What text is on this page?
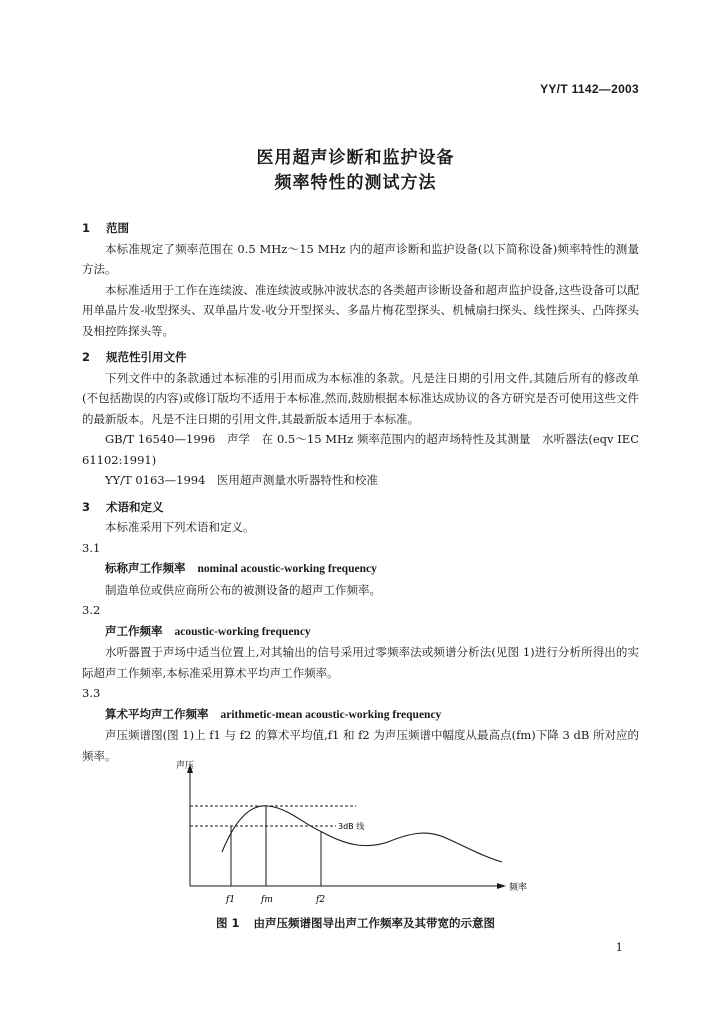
YY/T 1142—2003
医用超声诊断和监护设备
频率特性的测试方法
1 范围

本标准规定了频率范围在 0.5 MHz～15 MHz 内的超声诊断和监护设备(以下简称设备)频率特性的测量方法。

本标准适用于工作在连续波、准连续波或脉冲波状态的各类超声诊断设备和超声监护设备,这些设备可以配用单晶片发-收型探头、双单晶片发-收分开型探头、多晶片梅花型探头、机械扇扫探头、线性探头、凸阵探头及相控阵探头等。

2 规范性引用文件

下列文件中的条款通过本标准的引用而成为本标准的条款。凡是注日期的引用文件,其随后所有的修改单(不包括勘误的内容)或修订版均不适用于本标准,然而,鼓励根据本标准达成协议的各方研究是否可使用这些文件的最新版本。凡是不注日期的引用文件,其最新版本适用于本标准。

GB/T 16540—1996　声学　在 0.5～15 MHz 频率范围内的超声场特性及其测量　水听器法(eqv IEC 61102:1991)

YY/T 0163—1994　医用超声测量水听器特性和校准

3 术语和定义

本标准采用下列术语和定义。

3.1

标称声工作频率 nominal acoustic-working frequency

制造单位或供应商所公布的被测设备的超声工作频率。

3.2

声工作频率 acoustic-working frequency

水听器置于声场中适当位置上,对其输出的信号采用过零频率法或频谱分析法(见图 1)进行分析所得出的实际超声工作频率,本标准采用算术平均声工作频率。

3.3

算术平均声工作频率 arithmetic-mean acoustic-working frequency

声压频谱图(图 1)上 f1 与 f2 的算术平均值,f1 和 f2 为声压频谱中幅度从最高点(fm)下降 3 dB 所对应的频率。

声压
频率
3dB 线
f1	fm	f2
图 1 由声压频谱图导出声工作频率及其带宽的示意图
1
